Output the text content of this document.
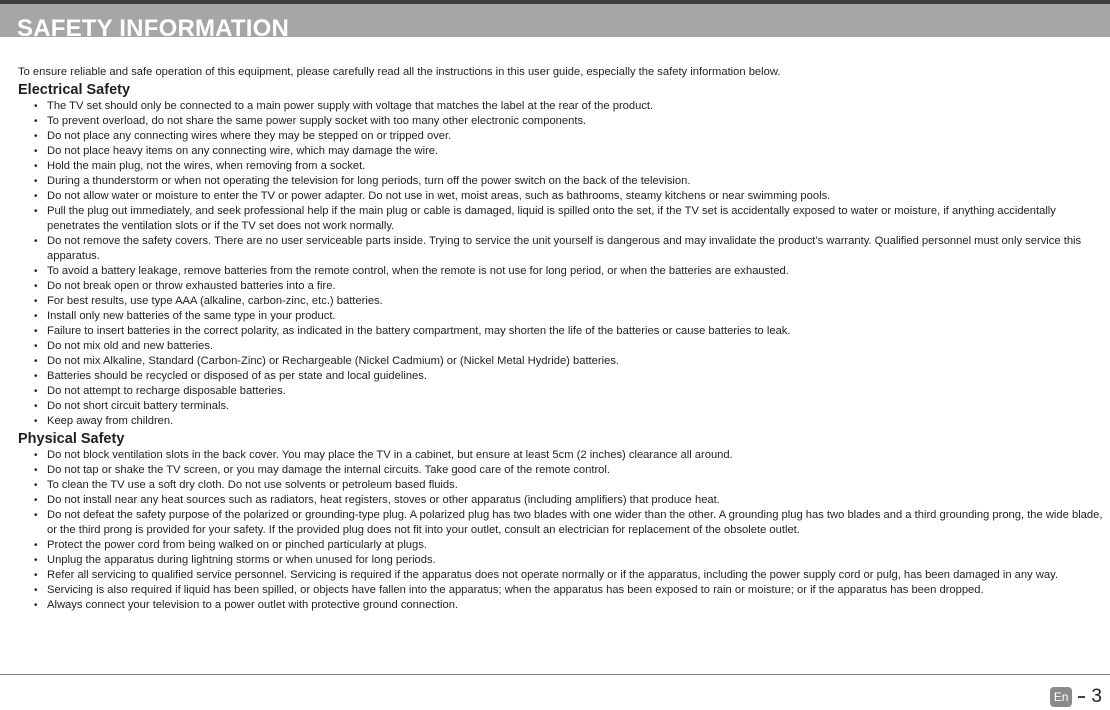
SAFETY INFORMATION

To ensure reliable and safe operation of this equipment, please carefully read all the instructions in this user guide, especially the safety information below.

Electrical Safety
• The TV set should only be connected to a main power supply with voltage that matches the label at the rear of the product.
• To prevent overload, do not share the same power supply socket with too many other electronic components.
• Do not place any connecting wires where they may be stepped on or tripped over.
• Do not place heavy items on any connecting wire, which may damage the wire.
• Hold the main plug, not the wires, when removing from a socket.
• During a thunderstorm or when not operating the television for long periods, turn off the power switch on the back of the television.
• Do not allow water or moisture to enter the TV or power adapter. Do not use in wet, moist areas, such as bathrooms, steamy kitchens or near swimming pools.
• Pull the plug out immediately, and seek professional help if the main plug or cable is damaged, liquid is spilled onto the set, if the TV set is accidentally exposed to water or moisture, if anything accidentally penetrates the ventilation slots or if the TV set does not work normally.
• Do not remove the safety covers. There are no user serviceable parts inside. Trying to service the unit yourself is dangerous and may invalidate the product’s warranty. Qualified personnel must only service this apparatus.
• To avoid a battery leakage, remove batteries from the remote control, when the remote is not use for long period, or when the batteries are exhausted.
• Do not break open or throw exhausted batteries into a fire.
• For best results, use type AAA (alkaline, carbon-zinc, etc.) batteries.
• Install only new batteries of the same type in your product.
• Failure to insert batteries in the correct polarity, as indicated in the battery compartment, may shorten the life of the batteries or cause batteries to leak.
• Do not mix old and new batteries.
• Do not mix Alkaline, Standard (Carbon-Zinc) or Rechargeable (Nickel Cadmium) or (Nickel Metal Hydride) batteries.
• Batteries should be recycled or disposed of as per state and local guidelines.
• Do not attempt to recharge disposable batteries.
• Do not short circuit battery terminals.
• Keep away from children.
Physical Safety
• Do not block ventilation slots in the back cover. You may place the TV in a cabinet, but ensure at least 5cm (2 inches) clearance all around.
• Do not tap or shake the TV screen, or you may damage the internal circuits. Take good care of the remote control.
• To clean the TV use a soft dry cloth. Do not use solvents or petroleum based fluids.
• Do not install near any heat sources such as radiators, heat registers, stoves or other apparatus (including amplifiers) that produce heat.
• Do not defeat the safety purpose of the polarized or grounding-type plug. A polarized plug has two blades with one wider than the other. A grounding plug has two blades and a third grounding prong, the wide blade, or the third prong is provided for your safety. If the provided plug does not fit into your outlet, consult an electrician for replacement of the obsolete outlet.
• Protect the power cord from being walked on or pinched particularly at plugs.
• Unplug the apparatus during lightning storms or when unused for long periods.
• Refer all servicing to qualified service personnel. Servicing is required if the apparatus does not operate normally or if the apparatus, including the power supply cord or pulg, has been damaged in any way.
• Servicing is also required if liquid has been spilled, or objects have fallen into the apparatus; when the apparatus has been exposed to rain or moisture; or if the apparatus has been dropped.
• Always connect your television to a power outlet with protective ground connection.
En 3
